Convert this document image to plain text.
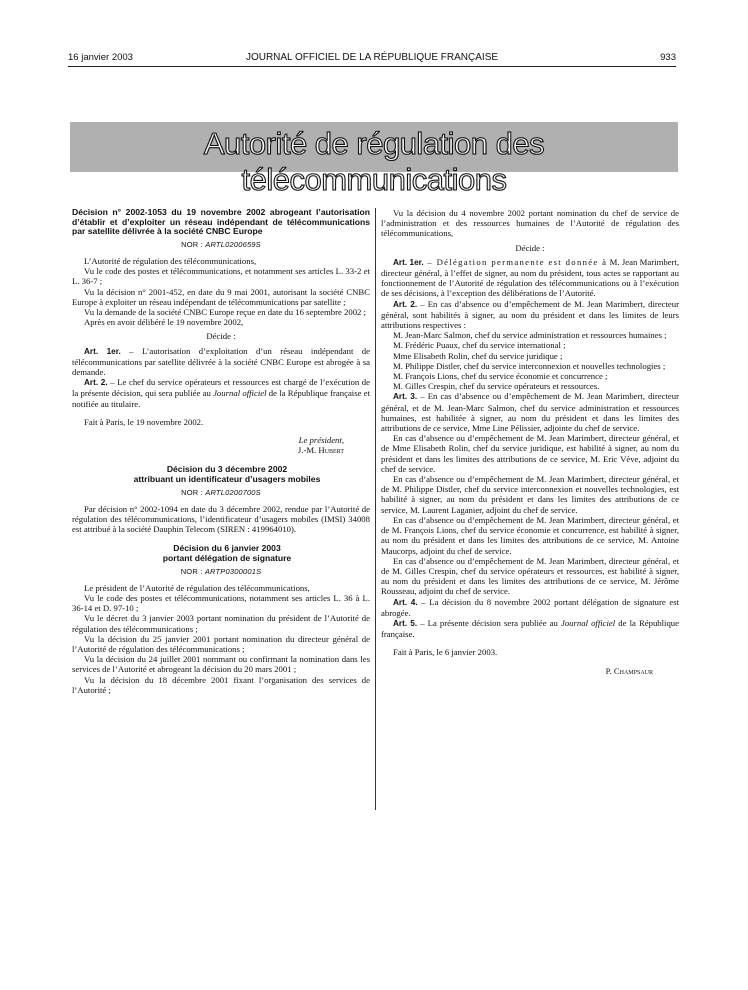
16 janvier 2003	JOURNAL OFFICIEL DE LA RÉPUBLIQUE FRANÇAISE	933
Autorité de régulation des télécommunications

Décision n° 2002-1053 du 19 novembre 2002 abrogeant l’autorisation d’établir et d’exploiter un réseau indépendant de télécommunications par satellite délivrée à la société CNBC Europe

NOR : ARTL0200659S

L’Autorité de régulation des télécommunications,

Vu le code des postes et télécommunications, et notamment ses articles L. 33-2 et L. 36-7 ;

Vu la décision n° 2001-452, en date du 9 mai 2001, autorisant la société CNBC Europe à exploiter un réseau indépendant de télécommunications par satellite ;

Vu la demande de la société CNBC Europe reçue en date du 16 septembre 2002 ;

Après en avoir délibéré le 19 novembre 2002,

Décide :

Art. 1er. – L’autorisation d’exploitation d’un réseau indépendant de télécommunications par satellite délivrée à la société CNBC Europe est abrogée à sa demande.

Art. 2. – Le chef du service opérateurs et ressources est chargé de l’exécution de la présente décision, qui sera publiée au Journal officiel de la République française et notifiée au titulaire.

Fait à Paris, le 19 novembre 2002.

Le président,

J.-M. Hubert

Décision du 3 décembre 2002

attribuant un identificateur d’usagers mobiles

NOR : ARTL0200700S

Par décision n° 2002-1094 en date du 3 décembre 2002, rendue par l’Autorité de régulation des télécommunications, l’identificateur d’usagers mobiles (IMSI) 34008 est attribué à la société Dauphin Telecom (SIREN : 419964010).

Décision du 6 janvier 2003

portant délégation de signature

NOR : ARTP0300001S

Le président de l’Autorité de régulation des télécommunications,

Vu le code des postes et télécommunications, notamment ses articles L. 36 à L. 36-14 et D. 97-10 ;

Vu le décret du 3 janvier 2003 portant nomination du président de l’Autorité de régulation des télécommunications ;

Vu la décision du 25 janvier 2001 portant nomination du directeur général de l’Autorité de régulation des télécommunications ;

Vu la décision du 24 juillet 2001 nommant ou confirmant la nomination dans les services de l’Autorité et abrogeant la décision du 20 mars 2001 ;

Vu la décision du 18 décembre 2001 fixant l’organisation des services de l’Autorité ;

Vu la décision du 4 novembre 2002 portant nomination du chef de service de l’administration et des ressources humaines de l’Autorité de régulation des télécommunications,

Décide :

Art. 1er. – Délégation permanente est donnée à M. Jean Marimbert, directeur général, à l’effet de signer, au nom du président, tous actes se rapportant au fonctionnement de l’Autorité de régulation des télécommunications ou à l’exécution de ses décisions, à l’exception des délibérations de l’Autorité.

Art. 2. – En cas d’absence ou d’empêchement de M. Jean Marimbert, directeur général, sont habilités à signer, au nom du président et dans les limites de leurs attributions respectives :

M. Jean-Marc Salmon, chef du service administration et ressources humaines ;

M. Frédéric Puaux, chef du service international ;

Mme Elisabeth Rolin, chef du service juridique ;

M. Philippe Distler, chef du service interconnexion et nouvelles technologies ;

M. François Lions, chef du service économie et concurrence ;

M. Gilles Crespin, chef du service opérateurs et ressources.

Art. 3. – En cas d’absence ou d’empêchement de M. Jean Marimbert, directeur général, et de M. Jean-Marc Salmon, chef du service administration et ressources humaines, est habilitée à signer, au nom du président et dans les limites des attributions de ce service, Mme Line Pélissier, adjointe du chef de service.

En cas d’absence ou d’empêchement de M. Jean Marimbert, directeur général, et de Mme Elisabeth Rolin, chef du service juridique, est habilité à signer, au nom du président et dans les limites des attributions de ce service, M. Eric Vève, adjoint du chef de service.

En cas d’absence ou d’empêchement de M. Jean Marimbert, directeur général, et de M. Philippe Distler, chef du service interconnexion et nouvelles technologies, est habilité à signer, au nom du président et dans les limites des attributions de ce service, M. Laurent Laganier, adjoint du chef de service.

En cas d’absence ou d’empêchement de M. Jean Marimbert, directeur général, et de M. François Lions, chef du service économie et concurrence, est habilité à signer, au nom du président et dans les limites des attributions de ce service, M. Antoine Maucorps, adjoint du chef de service.

En cas d’absence ou d’empêchement de M. Jean Marimbert, directeur général, et de M. Gilles Crespin, chef du service opérateurs et ressources, est habilité à signer, au nom du président et dans les limites des attributions de ce service, M. Jérôme Rousseau, adjoint du chef de service.

Art. 4. – La décision du 8 novembre 2002 portant délégation de signature est abrogée.

Art. 5. – La présente décision sera publiée au Journal officiel de la République française.

Fait à Paris, le 6 janvier 2003.

P. Champsaur
